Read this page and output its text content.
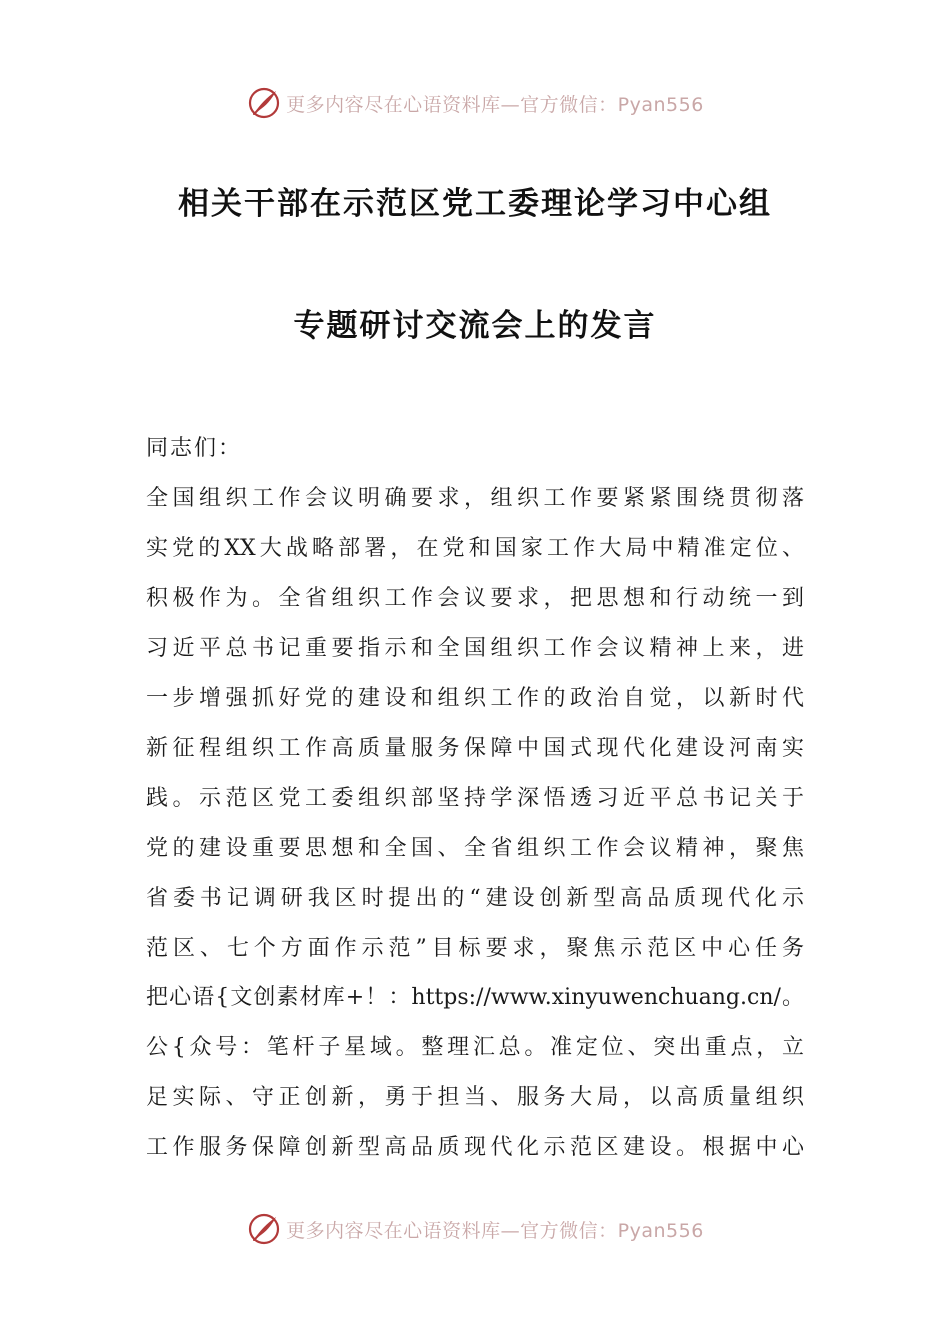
更多内容尽在心语资料库—官方微信：Pyan556
相关干部在示范区党工委理论学习中心组
专题研讨交流会上的发言
同志们：
全国组织工作会议明确要求，组织工作要紧紧围绕贯彻落
实党的XX大战略部署，在党和国家工作大局中精准定位、
积极作为。全省组织工作会议要求，把思想和行动统一到
习近平总书记重要指示和全国组织工作会议精神上来，进
一步增强抓好党的建设和组织工作的政治自觉，以新时代
新征程组织工作高质量服务保障中国式现代化建设河南实
践。示范区党工委组织部坚持学深悟透习近平总书记关于
党的建设重要思想和全国、全省组织工作会议精神，聚焦
省委书记调研我区时提出的“建设创新型高品质现代化示
范区、七个方面作示范”目标要求，聚焦示范区中心任务
把心语{文创素材库+！：https://www.xinyuwenchuang.cn/。
公{众号：笔杆子星域。整理汇总。准定位、突出重点，立
足实际、守正创新，勇于担当、服务大局，以高质量组织
工作服务保障创新型高品质现代化示范区建设。根据中心
更多内容尽在心语资料库—官方微信：Pyan556
